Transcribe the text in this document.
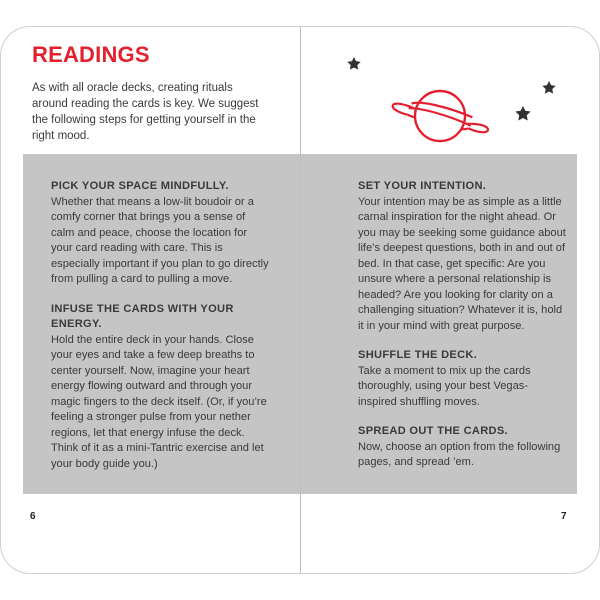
READINGS

As with all oracle decks, creating rituals around reading the cards is key. We suggest the following steps for getting yourself in the right mood.

PICK YOUR SPACE MINDFULLY.
Whether that means a low-lit boudoir or a comfy corner that brings you a sense of calm and peace, choose the location for your card reading with care. This is especially important if you plan to go directly from pulling a card to pulling a move.
INFUSE THE CARDS WITH YOUR ENERGY.
Hold the entire deck in your hands. Close your eyes and take a few deep breaths to center yourself. Now, imagine your heart energy flowing outward and through your magic fingers to the deck itself. (Or, if you’re feeling a stronger pulse from your nether regions, let that energy infuse the deck. Think of it as a mini-Tantric exercise and let your body guide you.)
SET YOUR INTENTION.
Your intention may be as simple as a little carnal inspiration for the night ahead. Or you may be seeking some guidance about life’s deepest questions, both in and out of bed. In that case, get specific: Are you unsure where a personal relationship is headed? Are you looking for clarity on a challenging situation? Whatever it is, hold it in your mind with great purpose.
SHUFFLE THE DECK.
Take a moment to mix up the cards thoroughly, using your best Vegas-inspired shuffling moves.
SPREAD OUT THE CARDS.
Now, choose an option from the following pages, and spread ’em.
6	7
